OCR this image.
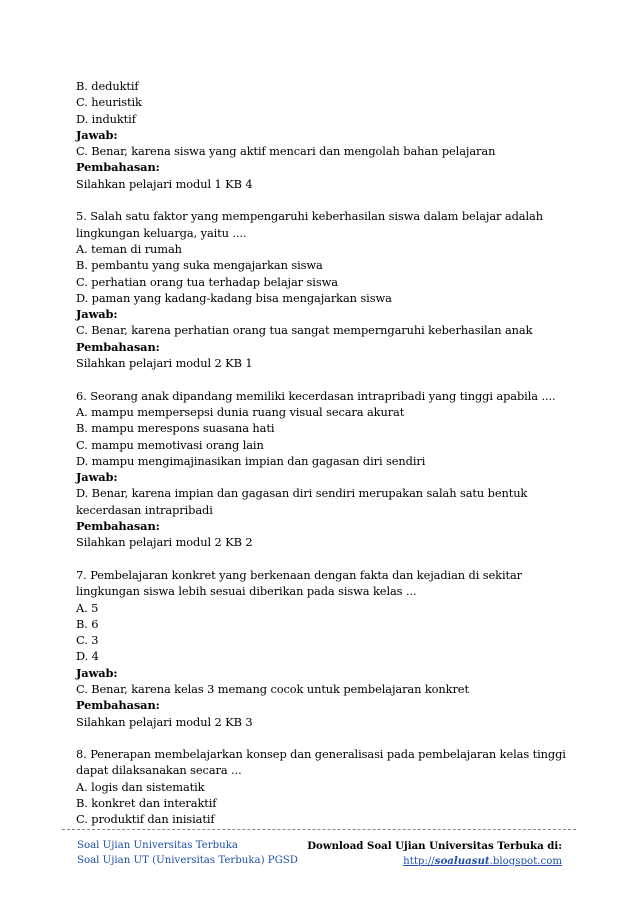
B. deduktif
C. heuristik
D. induktif
Jawab:
C. Benar, karena siswa yang aktif mencari dan mengolah bahan pelajaran
Pembahasan:
Silahkan pelajari modul 1 KB 4
5. Salah satu faktor yang mempengaruhi keberhasilan siswa dalam belajar adalah
lingkungan keluarga, yaitu ....
A. teman di rumah
B. pembantu yang suka mengajarkan siswa
C. perhatian orang tua terhadap belajar siswa
D. paman yang kadang-kadang bisa mengajarkan siswa
Jawab:
C. Benar, karena perhatian orang tua sangat memperngaruhi keberhasilan anak
Pembahasan:
Silahkan pelajari modul 2 KB 1
6. Seorang anak dipandang memiliki kecerdasan intrapribadi yang tinggi apabila ....
A. mampu mempersepsi dunia ruang visual secara akurat
B. mampu merespons suasana hati
C. mampu memotivasi orang lain
D. mampu mengimajinasikan impian dan gagasan diri sendiri
Jawab:
D. Benar, karena impian dan gagasan diri sendiri merupakan salah satu bentuk
kecerdasan intrapribadi
Pembahasan:
Silahkan pelajari modul 2 KB 2
7. Pembelajaran konkret yang berkenaan dengan fakta dan kejadian di sekitar
lingkungan siswa lebih sesuai diberikan pada siswa kelas ...
A. 5
B. 6
C. 3
D. 4
Jawab:
C. Benar, karena kelas 3 memang cocok untuk pembelajaran konkret
Pembahasan:
Silahkan pelajari modul 2 KB 3
8. Penerapan membelajarkan konsep dan generalisasi pada pembelajaran kelas tinggi
dapat dilaksanakan secara ...
A. logis dan sistematik
B. konkret dan interaktif
C. produktif dan inisiatif
Soal Ujian Universitas Terbuka
Soal Ujian UT (Universitas Terbuka) PGSD
Download Soal Ujian Universitas Terbuka di:
http://soaluasut.blogspot.com
